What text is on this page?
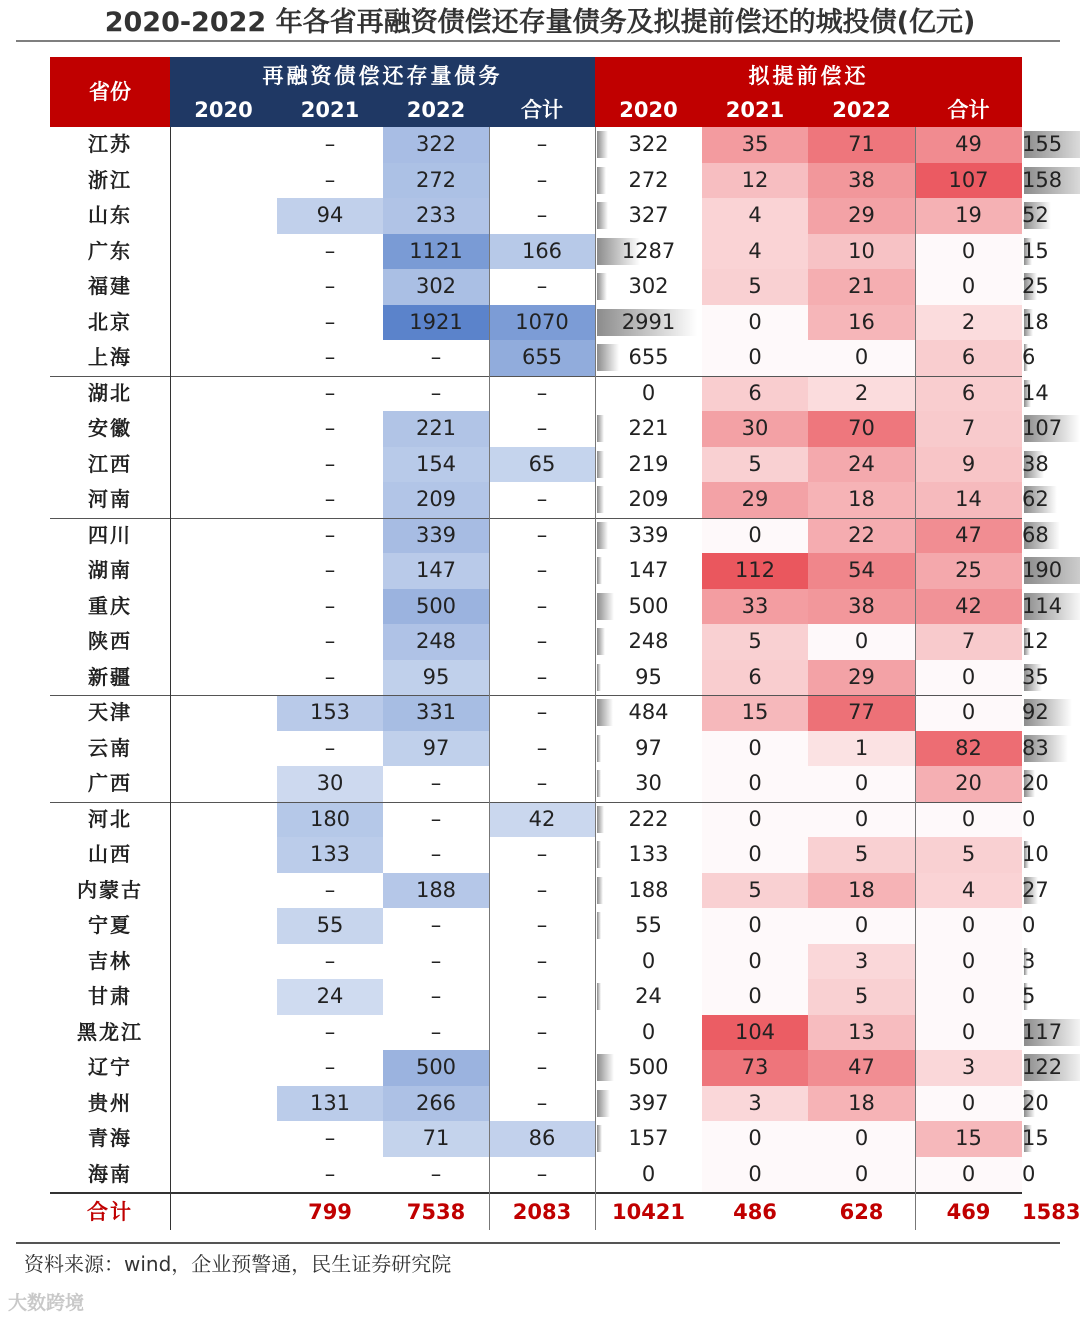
2020-2022 年各省再融资债偿还存量债务及拟提前偿还的城投债(亿元)
省份
再融资债偿还存量债务	拟提前偿还
2020	2021	2022	合计	2020	2021	2022	合计
江苏	–	322	–	322	35	71	49	155
浙江	–	272	–	272	12	38	107	158
山东	94	233	–	327	4	29	19	52
广东	–	1121	166	1287	4	10	0	15
福建	–	302	–	302	5	21	0	25
北京	–	1921	1070	2991	0	16	2	18
上海	–	–	655	655	0	0	6	6
湖北	–	–	–	0	6	2	6	14
安徽	–	221	–	221	30	70	7	107
江西	–	154	65	219	5	24	9	38
河南	–	209	–	209	29	18	14	62
四川	–	339	–	339	0	22	47	68
湖南	–	147	–	147	112	54	25	190
重庆	–	500	–	500	33	38	42	114
陕西	–	248	–	248	5	0	7	12
新疆	–	95	–	95	6	29	0	35
天津	153	331	–	484	15	77	0	92
云南	–	97	–	97	0	1	82	83
广西	30	–	–	30	0	0	20	20
河北	180	–	42	222	0	0	0	0
山西	133	–	–	133	0	5	5	10
内蒙古	–	188	–	188	5	18	4	27
宁夏	55	–	–	55	0	0	0	0
吉林	–	–	–	0	0	3	0	3
甘肃	24	–	–	24	0	5	0	5
黑龙江	–	–	–	0	104	13	0	117
辽宁	–	500	–	500	73	47	3	122
贵州	131	266	–	397	3	18	0	20
青海	–	71	86	157	0	0	15	15
海南	–	–	–	0	0	0	0	0
合计	799	7538	2083	10421	486	628	469	1583
资料来源：wind，企业预警通，民生证券研究院
大数跨境
